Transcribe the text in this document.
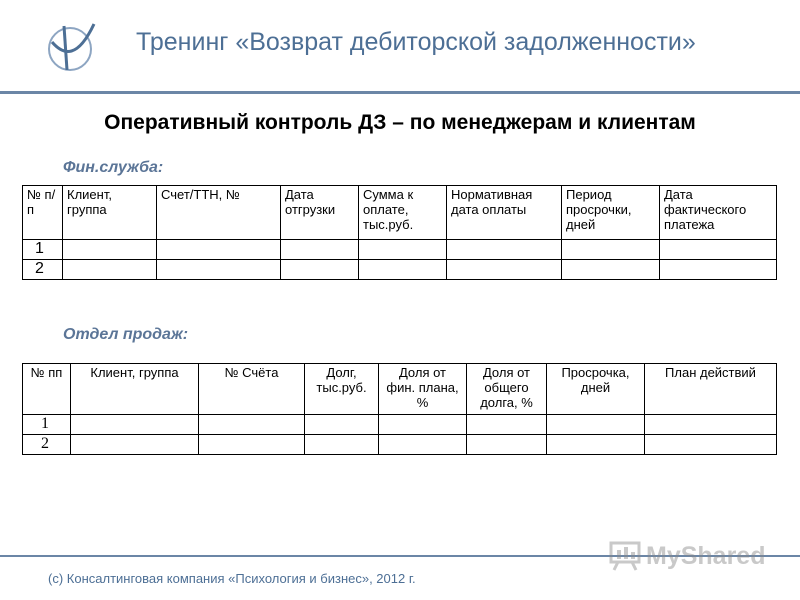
Тренинг «Возврат дебиторской задолженности»
Оперативный контроль ДЗ – по менеджерам и клиентам
Фин.служба:
№ п/п	Клиент, группа	Счет/ТТН, №	Дата отгрузки	Сумма к оплате, тыс.руб.	Нормативная дата оплаты	Период просрочки, дней	Дата фактического платежа
1							
2							
Отдел продаж:
№ пп	Клиент, группа	№ Счёта	Долг, тыс.руб.	Доля от фин. плана, %	Доля от общего долга, %	Просрочка, дней	План действий
1							
2							
(с) Консалтинговая компания «Психология и бизнес», 2012 г.
MyShared
